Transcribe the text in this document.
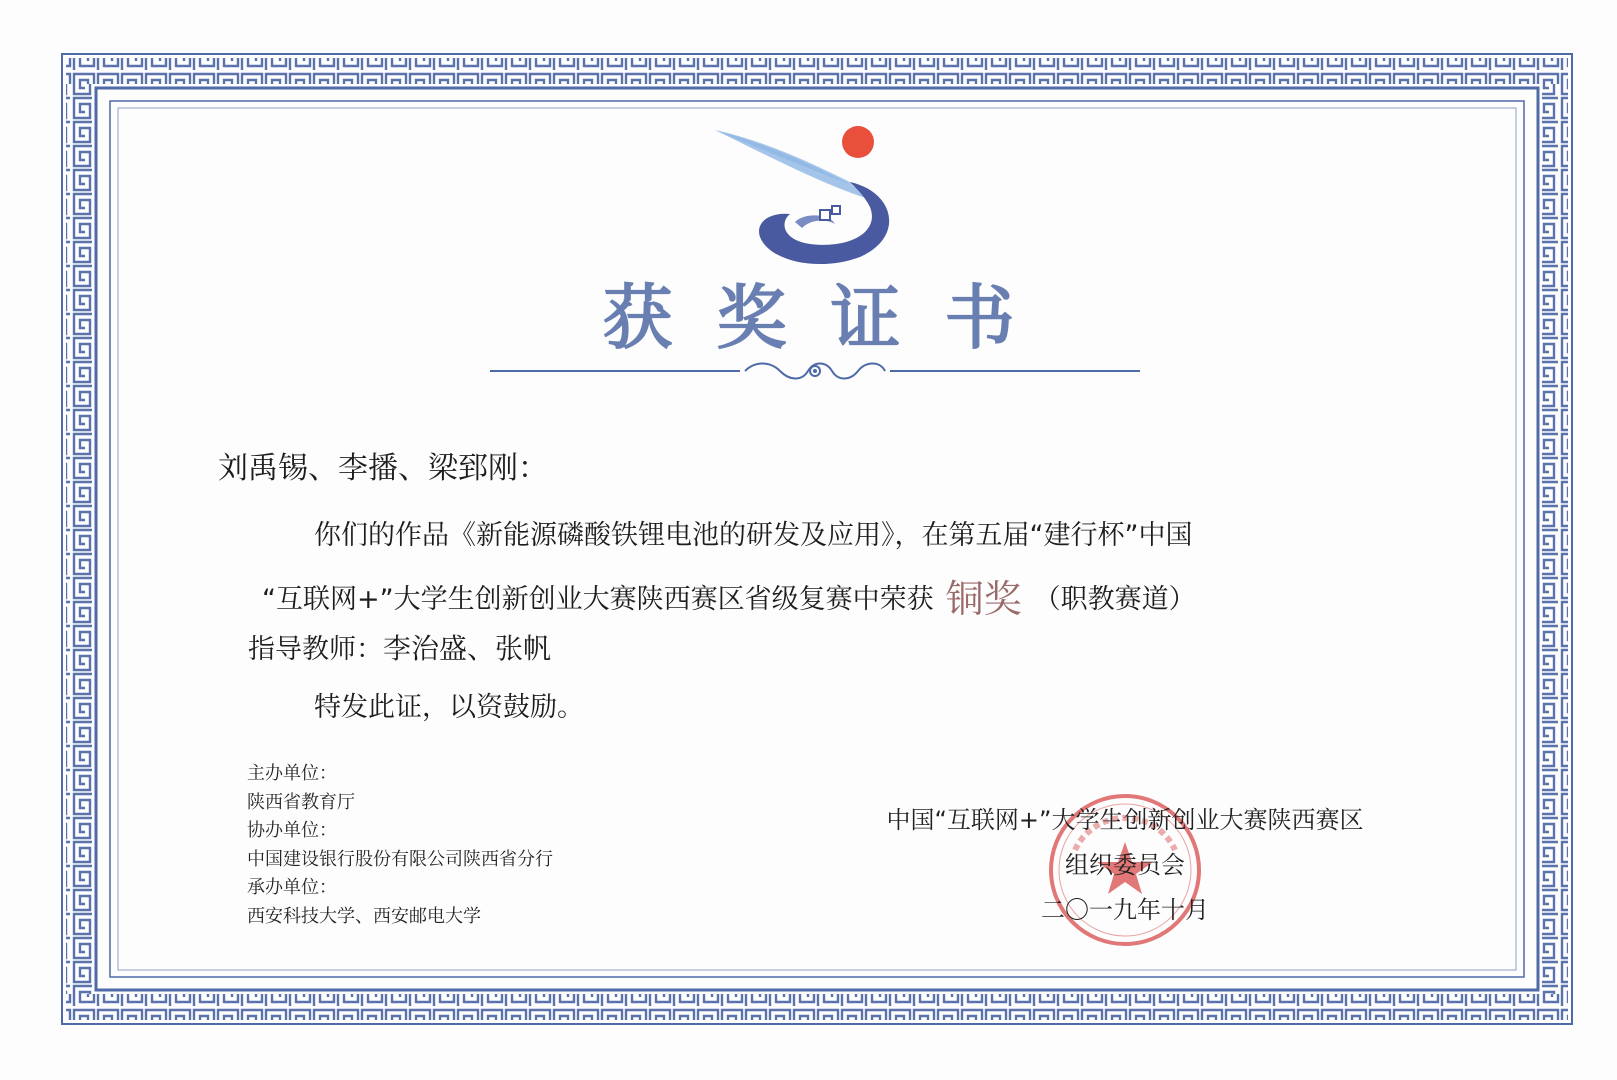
获奖证书
刘禹锡、李播、梁郅刚：
你们的作品《新能源磷酸铁锂电池的研发及应用》，在第五届“建行杯”中国
“互联网+”大学生创新创业大赛陕西赛区省级复赛中荣获 铜奖 （职教赛道）
指导教师：李治盛、张帆
特发此证，以资鼓励。
主办单位：
陕西省教育厅
协办单位：
中国建设银行股份有限公司陕西省分行
承办单位：
西安科技大学、西安邮电大学
中国“互联网+”大学生创新创业大赛陕西赛区
组织委员会
二〇一九年十月
